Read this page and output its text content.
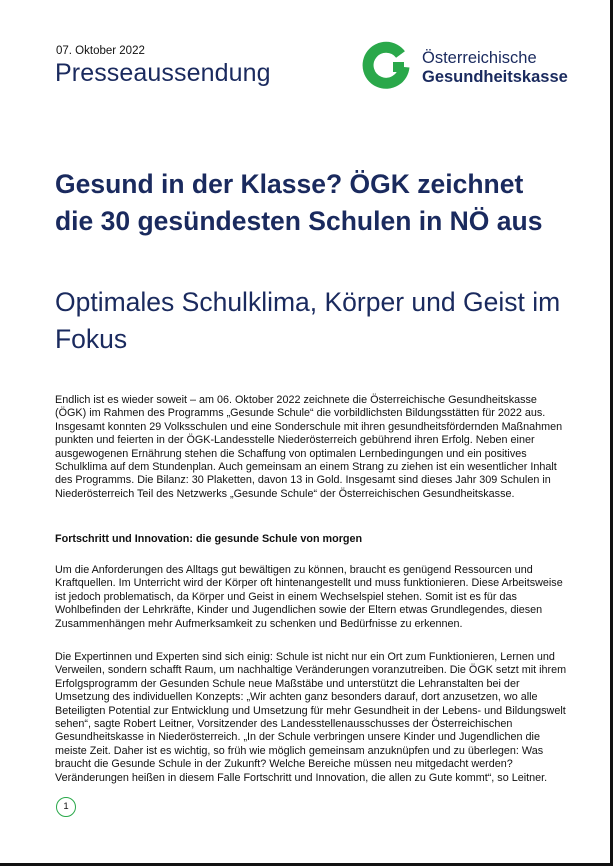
07. Oktober 2022
Presseaussendung
Österreichische
Gesundheitskasse
Gesund in der Klasse? ÖGK zeichnet die 30 gesündesten Schulen in NÖ aus
Optimales Schulklima, Körper und Geist im Fokus

Endlich ist es wieder soweit – am 06. Oktober 2022 zeichnete die Österreichische Gesundheitskasse (ÖGK) im Rahmen des Programms „Gesunde Schule“ die vorbildlichsten Bildungsstätten für 2022 aus. Insgesamt konnten 29 Volksschulen und eine Sonderschule mit ihren gesundheitsfördernden Maßnahmen punkten und feierten in der ÖGK-Landesstelle Niederösterreich gebührend ihren Erfolg. Neben einer ausgewogenen Ernährung stehen die Schaffung von optimalen Lernbedingungen und ein positives Schulklima auf dem Stundenplan. Auch gemeinsam an einem Strang zu ziehen ist ein wesentlicher Inhalt des Programms. Die Bilanz: 30 Plaketten, davon 13 in Gold. Insgesamt sind dieses Jahr 309 Schulen in Niederösterreich Teil des Netzwerks „Gesunde Schule“ der Österreichischen Gesundheitskasse.

Fortschritt und Innovation: die gesunde Schule von morgen

Um die Anforderungen des Alltags gut bewältigen zu können, braucht es genügend Ressourcen und Kraftquellen. Im Unterricht wird der Körper oft hintenangestellt und muss funktionieren. Diese Arbeitsweise ist jedoch problematisch, da Körper und Geist in einem Wechselspiel stehen. Somit ist es für das Wohlbefinden der Lehrkräfte, Kinder und Jugendlichen sowie der Eltern etwas Grundlegendes, diesen Zusammenhängen mehr Aufmerksamkeit zu schenken und Bedürfnisse zu erkennen.

Die Expertinnen und Experten sind sich einig: Schule ist nicht nur ein Ort zum Funktionieren, Lernen und Verweilen, sondern schafft Raum, um nachhaltige Veränderungen voranzutreiben. Die ÖGK setzt mit ihrem Erfolgsprogramm der Gesunden Schule neue Maßstäbe und unterstützt die Lehranstalten bei der Umsetzung des individuellen Konzepts: „Wir achten ganz besonders darauf, dort anzusetzen, wo alle Beteiligten Potential zur Entwicklung und Umsetzung für mehr Gesundheit in der Lebens- und Bildungswelt sehen“, sagte Robert Leitner, Vorsitzender des Landesstellenausschusses der Österreichischen Gesundheitskasse in Niederösterreich. „In der Schule verbringen unsere Kinder und Jugendlichen die meiste Zeit. Daher ist es wichtig, so früh wie möglich gemeinsam anzuknüpfen und zu überlegen: Was braucht die Gesunde Schule in der Zukunft? Welche Bereiche müssen neu mitgedacht werden? Veränderungen heißen in diesem Falle Fortschritt und Innovation, die allen zu Gute kommt“, so Leitner.

1
